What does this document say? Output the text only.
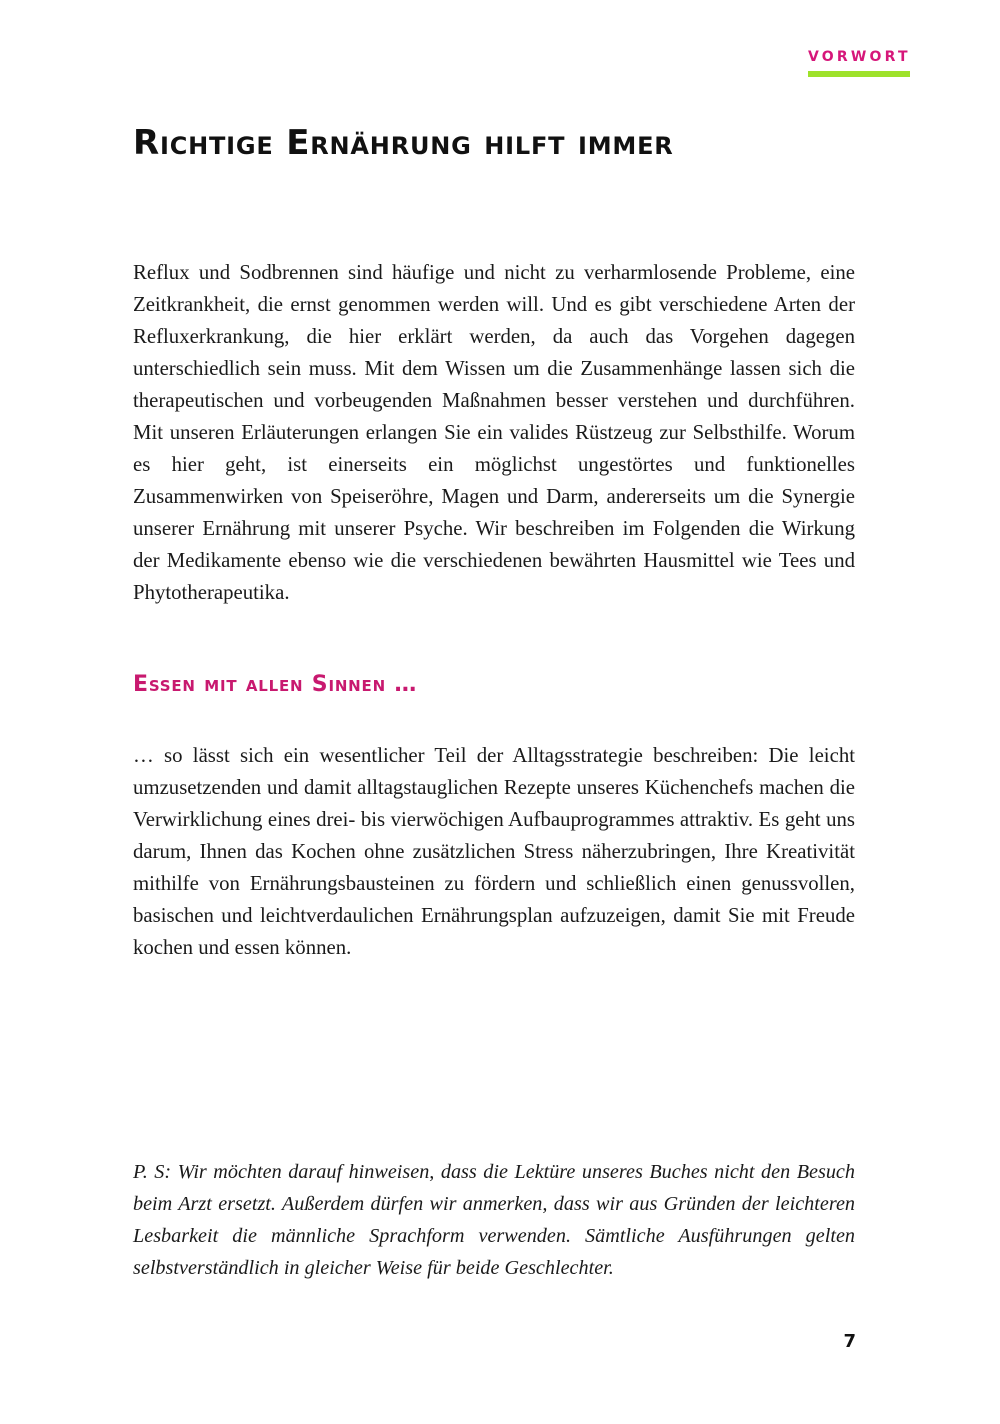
VORWORT
Richtige Ernährung hilft immer

Reflux und Sodbrennen sind häufige und nicht zu verharmlosende Probleme, eine Zeitkrankheit, die ernst genommen werden will. Und es gibt verschiedene Arten der Refluxerkrankung, die hier erklärt werden, da auch das Vorgehen dagegen unterschiedlich sein muss. Mit dem Wissen um die Zusammenhänge lassen sich die therapeutischen und vorbeugenden Maßnahmen besser verstehen und durchführen. Mit unseren Erläuterungen erlangen Sie ein valides Rüstzeug zur Selbsthilfe. Worum es hier geht, ist einerseits ein möglichst ungestörtes und funktionelles Zusammenwirken von Speiseröhre, Magen und Darm, andererseits um die Synergie unserer Ernährung mit unserer Psyche. Wir beschreiben im Folgenden die Wirkung der Medikamente ebenso wie die verschiedenen bewährten Hausmittel wie Tees und Phytotherapeutika.

Essen mit allen Sinnen …

… so lässt sich ein wesentlicher Teil der Alltagsstrategie beschreiben: Die leicht umzusetzenden und damit alltagstauglichen Rezepte unseres Küchenchefs machen die Verwirklichung eines drei- bis vierwöchigen Aufbauprogrammes attraktiv. Es geht uns darum, Ihnen das Kochen ohne zusätzlichen Stress näherzubringen, Ihre Kreativität mithilfe von Ernährungsbausteinen zu fördern und schließlich einen genussvollen, basischen und leichtverdaulichen Ernährungsplan aufzuzeigen, damit Sie mit Freude kochen und essen können.

P. S: Wir möchten darauf hinweisen, dass die Lektüre unseres Buches nicht den Besuch beim Arzt ersetzt. Außerdem dürfen wir anmerken, dass wir aus Gründen der leichteren Lesbarkeit die männliche Sprachform verwenden. Sämtliche Ausführungen gelten selbstverständlich in gleicher Weise für beide Geschlechter.

7
